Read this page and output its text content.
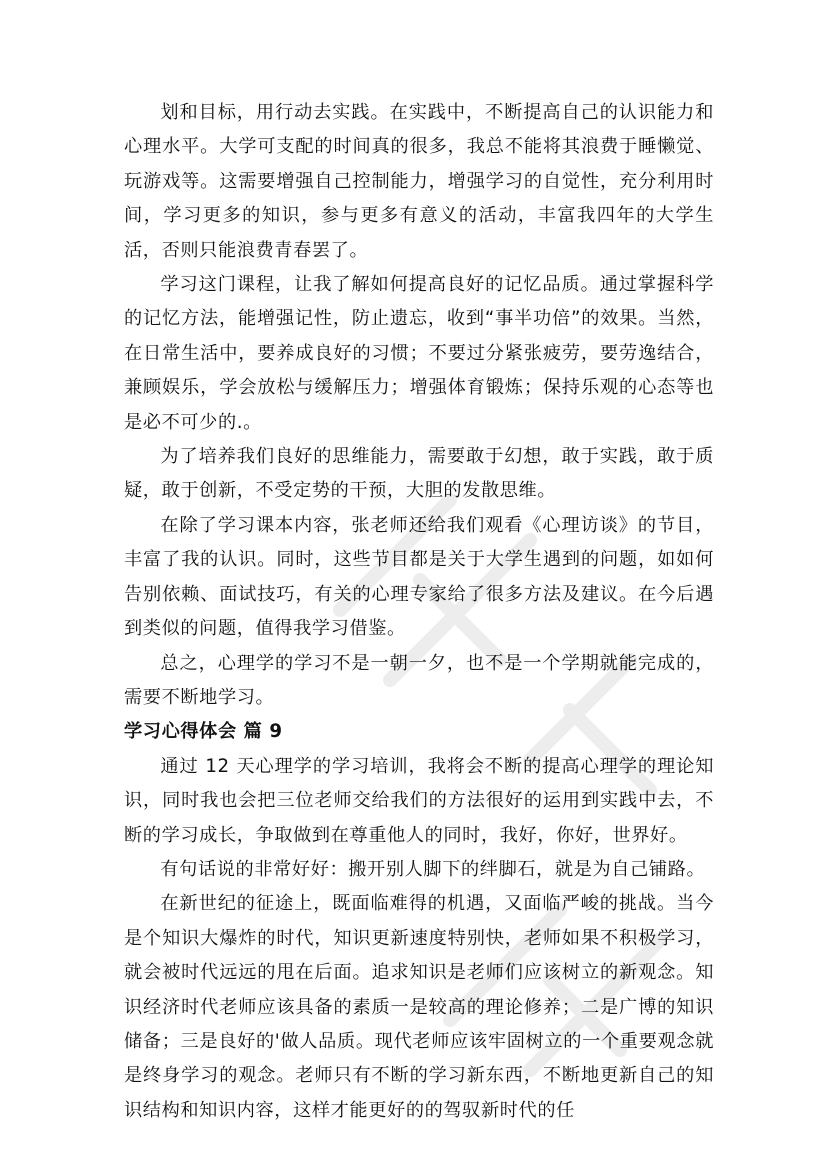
划和目标，用行动去实践。在实践中，不断提高自己的认识能力和心理水平。大学可支配的时间真的很多，我总不能将其浪费于睡懒觉、玩游戏等。这需要增强自己控制能力，增强学习的自觉性，充分利用时间，学习更多的知识，参与更多有意义的活动，丰富我四年的大学生活，否则只能浪费青春罢了。

学习这门课程，让我了解如何提高良好的记忆品质。通过掌握科学的记忆方法，能增强记性，防止遗忘，收到“事半功倍”的效果。当然，在日常生活中，要养成良好的习惯；不要过分紧张疲劳，要劳逸结合，兼顾娱乐，学会放松与缓解压力；增强体育锻炼；保持乐观的心态等也是必不可少的.。

为了培养我们良好的思维能力，需要敢于幻想，敢于实践，敢于质疑，敢于创新，不受定势的干预，大胆的发散思维。

在除了学习课本内容，张老师还给我们观看《心理访谈》的节目，丰富了我的认识。同时，这些节目都是关于大学生遇到的问题，如如何告别依赖、面试技巧，有关的心理专家给了很多方法及建议。在今后遇到类似的问题，值得我学习借鉴。

总之，心理学的学习不是一朝一夕，也不是一个学期就能完成的，需要不断地学习。

学习心得体会 篇 9

通过 12 天心理学的学习培训，我将会不断的提高心理学的理论知识，同时我也会把三位老师交给我们的方法很好的运用到实践中去，不断的学习成长，争取做到在尊重他人的同时，我好，你好，世界好。

有句话说的非常好好：搬开别人脚下的绊脚石，就是为自己铺路。

在新世纪的征途上，既面临难得的机遇，又面临严峻的挑战。当今是个知识大爆炸的时代，知识更新速度特别快，老师如果不积极学习，就会被时代远远的甩在后面。追求知识是老师们应该树立的新观念。知识经济时代老师应该具备的素质一是较高的理论修养；二是广博的知识储备；三是良好的'做人品质。现代老师应该牢固树立的一个重要观念就是终身学习的观念。老师只有不断的学习新东西，不断地更新自己的知识结构和知识内容，这样才能更好的的驾驭新时代的任
